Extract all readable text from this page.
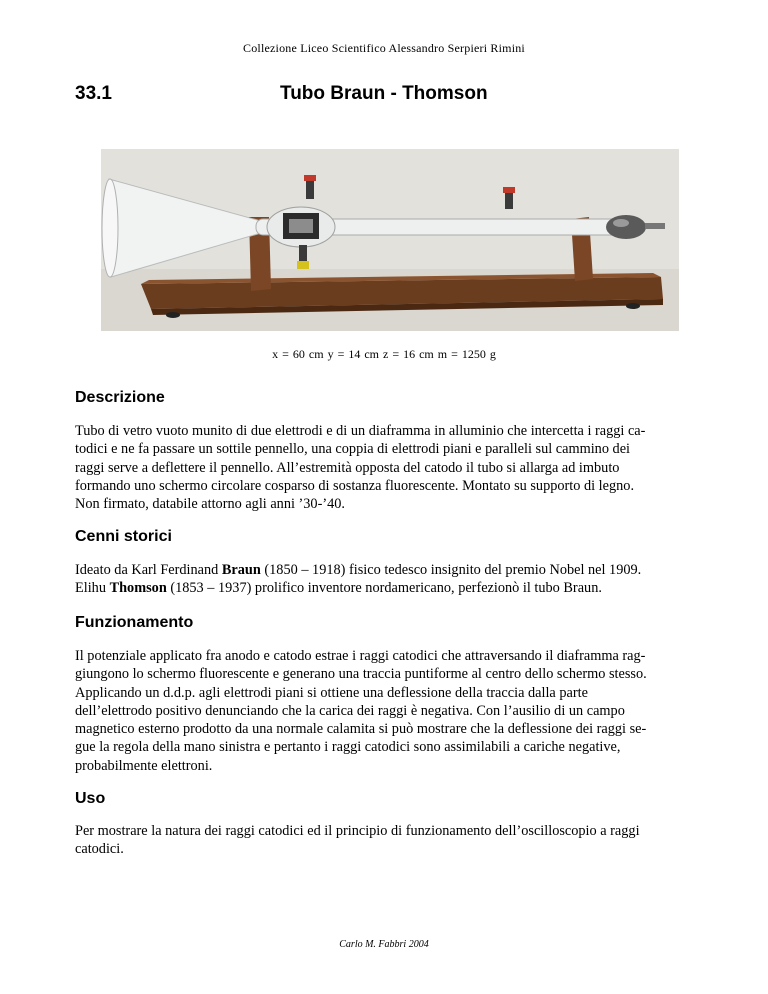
Collezione Liceo Scientifico Alessandro Serpieri Rimini
33.1	Tubo Braun - Thomson
x = 60 cm y = 14 cm z = 16 cm m = 1250 g
Descrizione
Tubo di vetro vuoto munito di due elettrodi e di un diaframma in alluminio che intercetta i raggi ca-
todici e ne fa passare un sottile pennello, una coppia di elettrodi piani e paralleli sul cammino dei
raggi serve a deflettere il pennello. All’estremità opposta del catodo il tubo si allarga ad imbuto
formando uno schermo circolare cosparso di sostanza fluorescente. Montato su supporto di legno.
Non firmato, databile attorno agli anni ’30-’40.
Cenni storici
Ideato da Karl Ferdinand Braun (1850 – 1918) fisico tedesco insignito del premio Nobel nel 1909.
Elihu Thomson (1853 – 1937) prolifico inventore nordamericano, perfezionò il tubo Braun.
Funzionamento
Il potenziale applicato fra anodo e catodo estrae i raggi catodici che attraversando il diaframma rag-
giungono lo schermo fluorescente e generano una traccia puntiforme al centro dello schermo stesso.
Applicando un d.d.p. agli elettrodi piani si ottiene una deflessione della traccia dalla parte
dell’elettrodo positivo denunciando che la carica dei raggi è negativa. Con l’ausilio di un campo
magnetico esterno prodotto da una normale calamita si può mostrare che la deflessione dei raggi se-
gue la regola della mano sinistra e pertanto i raggi catodici sono assimilabili a cariche negative,
probabilmente elettroni.
Uso
Per mostrare la natura dei raggi catodici ed il principio di funzionamento dell’oscilloscopio a raggi
catodici.
Carlo M. Fabbri 2004
